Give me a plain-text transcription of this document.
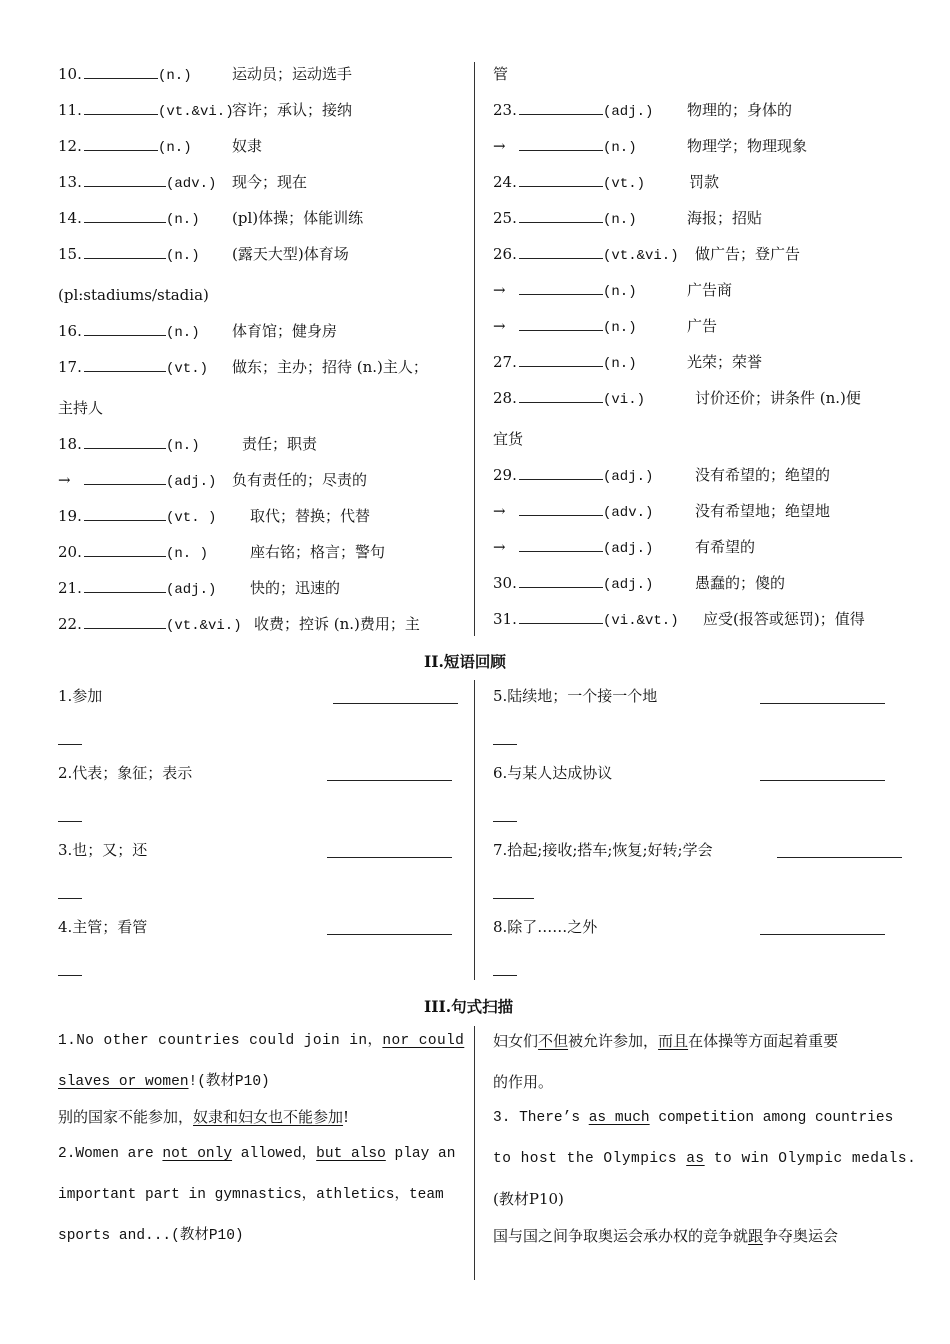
10.	(n.)	运动员；运动选手
11.	(vt.&vi.)容许；承认；接纳
12.	(n.)	奴隶
13.	(adv.) 现今；现在
14.	(n.) (pl)体操；体能训练
15.	(n.) (露天大型)体育场
(pl:stadiums/stadia)
16.	(n.) 体育馆；健身房
17.	(vt.) 做东；主办；招待 (n.)主人；
主持人
18.	(n.)	责任；职责
→	(adj.) 负有责任的；尽责的
19.	(vt. ) 取代；替换；代替
20.	(n. )	座右铭；格言；警句
21.	(adj.) 快的；迅速的
22.	(vt.&vi.) 收费；控诉 (n.)费用；主
管
23.	(adj.) 物理的；身体的
→	(n.)	物理学；物理现象
24.	(vt.)	罚款
25.	(n.)	海报；招贴
26.	(vt.&vi.) 做广告；登广告
→	(n.)	广告商
→	(n.)	广告
27.	(n.)	光荣；荣誉
28.	(vi.)	讨价还价；讲条件 (n.)便
宜货
29.	(adj.)	没有希望的；绝望的
→	(adv.)	没有希望地；绝望地
→	(adj.)	有希望的
30.	(adj.)	愚蠢的；傻的
31.	(vi.&vt.) 应受(报答或惩罚)；值得
II.短语回顾
1.参加
2.代表；象征；表示
3.也；又；还
4.主管；看管
5.陆续地；一个接一个地
6.与某人达成协议
7.拾起;接收;搭车;恢复;好转;学会
8.除了……之外
III.句式扫描
1.No other countries could join in，nor could
slaves or women!(教材P10)
别的国家不能参加，奴隶和妇女也不能参加!
2.Women are not only allowed，but also play an
important part in gymnastics，athletics，team
sports and...(教材P10)
妇女们不但被允许参加，而且在体操等方面起着重要
的作用。
3. There’s as much competition among countries
to host the Olympics as to win Olympic medals.
(教材P10)
国与国之间争取奥运会承办权的竞争就跟争夺奥运会
